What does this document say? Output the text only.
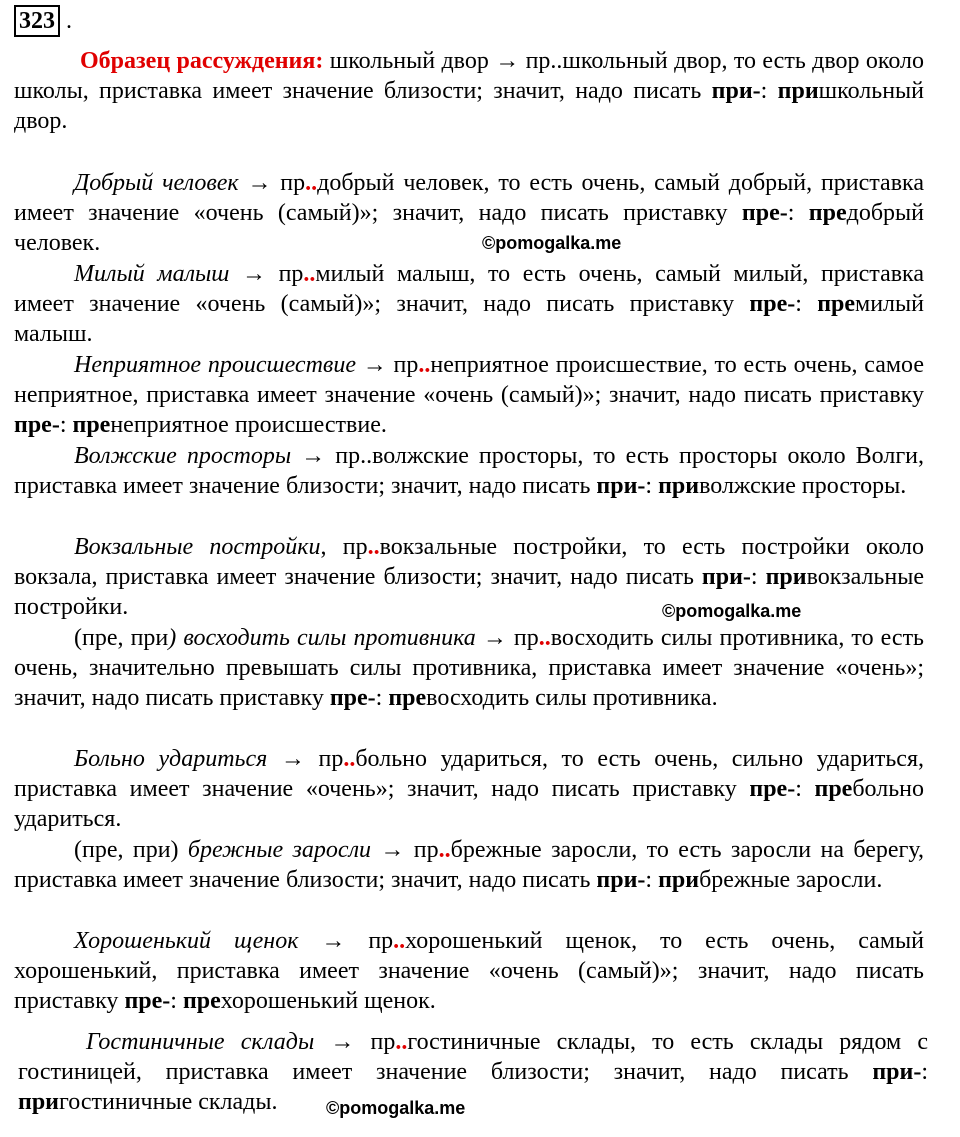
323 .
Образец рассуждения: школьный двор → пр..школьный двор, то есть двор около школы, приставка имеет значение близости; значит, надо писать при-: пришкольный двор.
Добрый человек → пр..добрый человек, то есть очень, самый добрый, приставка имеет значение «очень (самый)»; значит, надо писать приставку пре-: предобрый человек.
Милый малыш → пр..милый малыш, то есть очень, самый милый, приставка имеет значение «очень (самый)»; значит, надо писать приставку пре-: премилый малыш.
Неприятное происшествие → пр..неприятное происшествие, то есть очень, самое неприятное, приставка имеет значение «очень (самый)»; значит, надо писать приставку пре-: пренеприятное происшествие.
Волжские просторы → пр..волжские просторы, то есть просторы около Волги, приставка имеет значение близости; значит, надо писать при-: приволжские просторы.
Вокзальные постройки, пр..вокзальные постройки, то есть постройки около вокзала, приставка имеет значение близости; значит, надо писать при-: привокзальные постройки.
(пре, при) восходить силы противника → пр..восходить силы противника, то есть очень, значительно превышать силы противника, приставка имеет значение «очень»; значит, надо писать приставку пре-: превосходить силы противника.
Больно удариться → пр..больно удариться, то есть очень, сильно удариться, приставка имеет значение «очень»; значит, надо писать приставку пре-: пребольно удариться.
(пре, при) брежные заросли → пр..брежные заросли, то есть заросли на берегу, приставка имеет значение близости; значит, надо писать при-: прибрежные заросли.
Хорошенький щенок → пр..хорошенький щенок, то есть очень, самый хорошенький, приставка имеет значение «очень (самый)»; значит, надо писать приставку пре-: прехорошенький щенок.
Гостиничные склады → пр..гостиничные склады, то есть склады рядом с гостиницей, приставка имеет значение близости; значит, надо писать при-: пригостиничные склады.
©pomogalka.me
©pomogalka.me
©pomogalka.me
